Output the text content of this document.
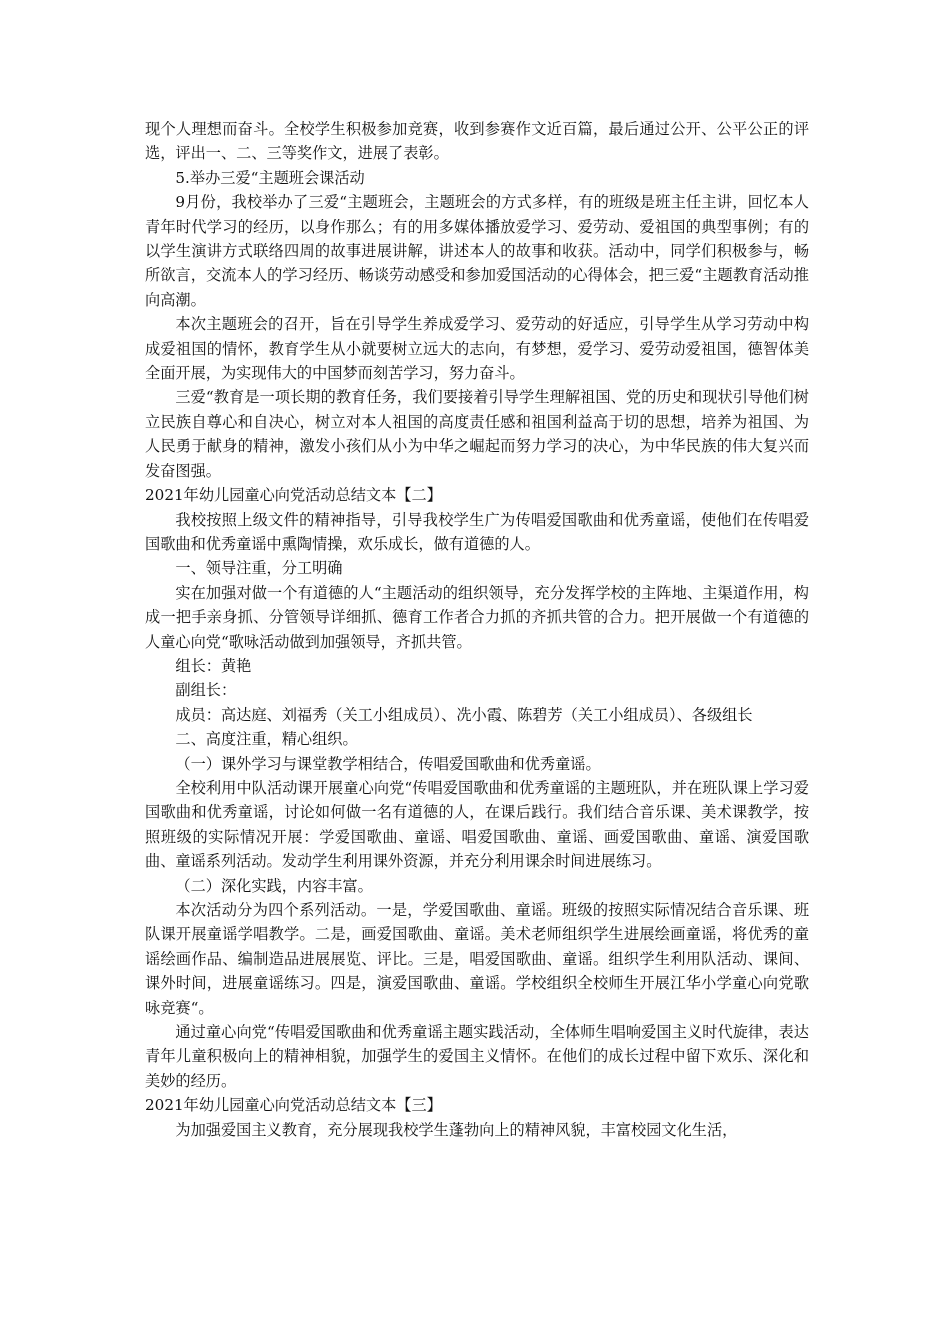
现个人理想而奋斗。全校学生积极参加竞赛，收到参赛作文近百篇，最后通过公开、公平公正的评选，评出一、二、三等奖作文，进展了表彰。

5.举办三爱“主题班会课活动

9月份，我校举办了三爱“主题班会，主题班会的方式多样，有的班级是班主任主讲，回忆本人青年时代学习的经历，以身作那么；有的用多媒体播放爱学习、爱劳动、爱祖国的典型事例；有的以学生演讲方式联络四周的故事进展讲解，讲述本人的故事和收获。活动中，同学们积极参与，畅所欲言，交流本人的学习经历、畅谈劳动感受和参加爱国活动的心得体会，把三爱“主题教育活动推向高潮。

本次主题班会的召开，旨在引导学生养成爱学习、爱劳动的好适应，引导学生从学习劳动中构成爱祖国的情怀，教育学生从小就要树立远大的志向，有梦想，爱学习、爱劳动爱祖国，德智体美全面开展，为实现伟大的中国梦而刻苦学习，努力奋斗。

三爱“教育是一项长期的教育任务，我们要接着引导学生理解祖国、党的历史和现状引导他们树立民族自尊心和自决心，树立对本人祖国的高度责任感和祖国利益高于切的思想，培养为祖国、为人民勇于献身的精神，激发小孩们从小为中华之崛起而努力学习的决心，为中华民族的伟大复兴而发奋图强。

2021年幼儿园童心向党活动总结文本【二】

我校按照上级文件的精神指导，引导我校学生广为传唱爱国歌曲和优秀童谣，使他们在传唱爱国歌曲和优秀童谣中熏陶情操，欢乐成长，做有道德的人。

一、领导注重，分工明确

实在加强对做一个有道德的人“主题活动的组织领导，充分发挥学校的主阵地、主渠道作用，构成一把手亲身抓、分管领导详细抓、德育工作者合力抓的齐抓共管的合力。把开展做一个有道德的人童心向党“歌咏活动做到加强领导，齐抓共管。

组长：黄艳

副组长：

成员：高达庭、刘福秀（关工小组成员）、冼小霞、陈碧芳（关工小组成员）、各级组长

二、高度注重，精心组织。

（一）课外学习与课堂教学相结合，传唱爱国歌曲和优秀童谣。

全校利用中队活动课开展童心向党“传唱爱国歌曲和优秀童谣的主题班队，并在班队课上学习爱国歌曲和优秀童谣，讨论如何做一名有道德的人，在课后践行。我们结合音乐课、美术课教学，按照班级的实际情况开展：学爱国歌曲、童谣、唱爱国歌曲、童谣、画爱国歌曲、童谣、演爱国歌曲、童谣系列活动。发动学生利用课外资源，并充分利用课余时间进展练习。

（二）深化实践，内容丰富。

本次活动分为四个系列活动。一是，学爱国歌曲、童谣。班级的按照实际情况结合音乐课、班队课开展童谣学唱教学。二是，画爱国歌曲、童谣。美术老师组织学生进展绘画童谣，将优秀的童谣绘画作品、编制造品进展展览、评比。三是，唱爱国歌曲、童谣。组织学生利用队活动、课间、课外时间，进展童谣练习。四是，演爱国歌曲、童谣。学校组织全校师生开展江华小学童心向党歌咏竞赛“。

通过童心向党“传唱爱国歌曲和优秀童谣主题实践活动，全体师生唱响爱国主义时代旋律，表达青年儿童积极向上的精神相貌，加强学生的爱国主义情怀。在他们的成长过程中留下欢乐、深化和美妙的经历。

2021年幼儿园童心向党活动总结文本【三】

为加强爱国主义教育，充分展现我校学生蓬勃向上的精神风貌，丰富校园文化生活，
